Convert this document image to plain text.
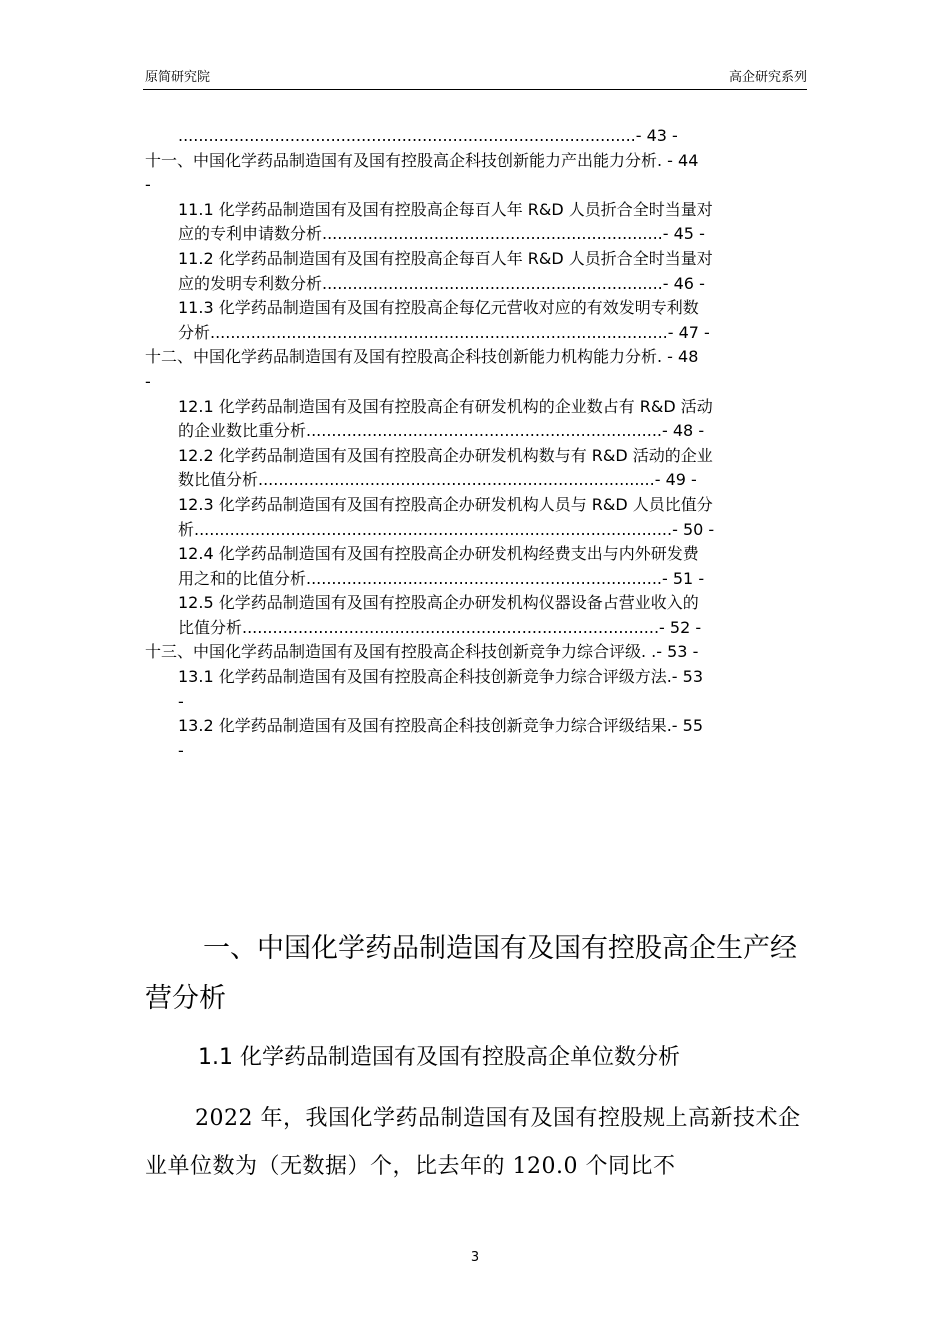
原简研究院	高企研究系列
..........................................................................................- 43 -
十一、中国化学药品制造国有及国有控股高企科技创新能力产出能力分析. - 44
-
11.1 化学药品制造国有及国有控股高企每百人年 R&D 人员折合全时当量对
应的专利申请数分析...................................................................- 45 -
11.2 化学药品制造国有及国有控股高企每百人年 R&D 人员折合全时当量对
应的发明专利数分析...................................................................- 46 -
11.3 化学药品制造国有及国有控股高企每亿元营收对应的有效发明专利数
分析..........................................................................................- 47 -
十二、中国化学药品制造国有及国有控股高企科技创新能力机构能力分析. - 48
-
12.1 化学药品制造国有及国有控股高企有研发机构的企业数占有 R&D 活动
的企业数比重分析......................................................................- 48 -
12.2 化学药品制造国有及国有控股高企办研发机构数与有 R&D 活动的企业
数比值分析..............................................................................- 49 -
12.3 化学药品制造国有及国有控股高企办研发机构人员与 R&D 人员比值分
析..............................................................................................- 50 -
12.4 化学药品制造国有及国有控股高企办研发机构经费支出与内外研发费
用之和的比值分析......................................................................- 51 -
12.5 化学药品制造国有及国有控股高企办研发机构仪器设备占营业收入的
比值分析..................................................................................- 52 -
十三、中国化学药品制造国有及国有控股高企科技创新竞争力综合评级. .- 53 -
13.1 化学药品制造国有及国有控股高企科技创新竞争力综合评级方法.- 53
-
13.2 化学药品制造国有及国有控股高企科技创新竞争力综合评级结果.- 55
-
一、中国化学药品制造国有及国有控股高企生产经营分析
1.1 化学药品制造国有及国有控股高企单位数分析
2022 年，我国化学药品制造国有及国有控股规上高新技术企业单位数为（无数据）个，比去年的 120.0 个同比不
3
